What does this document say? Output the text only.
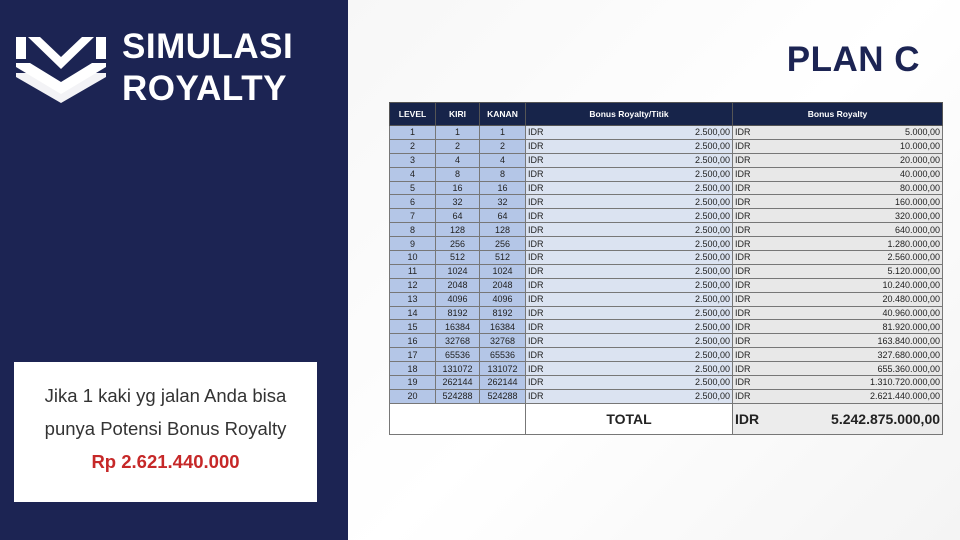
SIMULASI
ROYALTY
Jika 1 kaki yg jalan Anda bisa
punya Potensi Bonus Royalty
Rp 2.621.440.000
PLAN C
LEVEL	KIRI	KANAN	Bonus Royalty/Titik		Bonus Royalty	
1	1	1	IDR	2.500,00	IDR	5.000,00
2	2	2	IDR	2.500,00	IDR	10.000,00
3	4	4	IDR	2.500,00	IDR	20.000,00
4	8	8	IDR	2.500,00	IDR	40.000,00
5	16	16	IDR	2.500,00	IDR	80.000,00
6	32	32	IDR	2.500,00	IDR	160.000,00
7	64	64	IDR	2.500,00	IDR	320.000,00
8	128	128	IDR	2.500,00	IDR	640.000,00
9	256	256	IDR	2.500,00	IDR	1.280.000,00
10	512	512	IDR	2.500,00	IDR	2.560.000,00
11	1024	1024	IDR	2.500,00	IDR	5.120.000,00
12	2048	2048	IDR	2.500,00	IDR	10.240.000,00
13	4096	4096	IDR	2.500,00	IDR	20.480.000,00
14	8192	8192	IDR	2.500,00	IDR	40.960.000,00
15	16384	16384	IDR	2.500,00	IDR	81.920.000,00
16	32768	32768	IDR	2.500,00	IDR	163.840.000,00
17	65536	65536	IDR	2.500,00	IDR	327.680.000,00
18	131072	131072	IDR	2.500,00	IDR	655.360.000,00
19	262144	262144	IDR	2.500,00	IDR	1.310.720.000,00
20	524288	524288	IDR	2.500,00	IDR	2.621.440.000,00
			TOTAL		IDR	5.242.875.000,00
